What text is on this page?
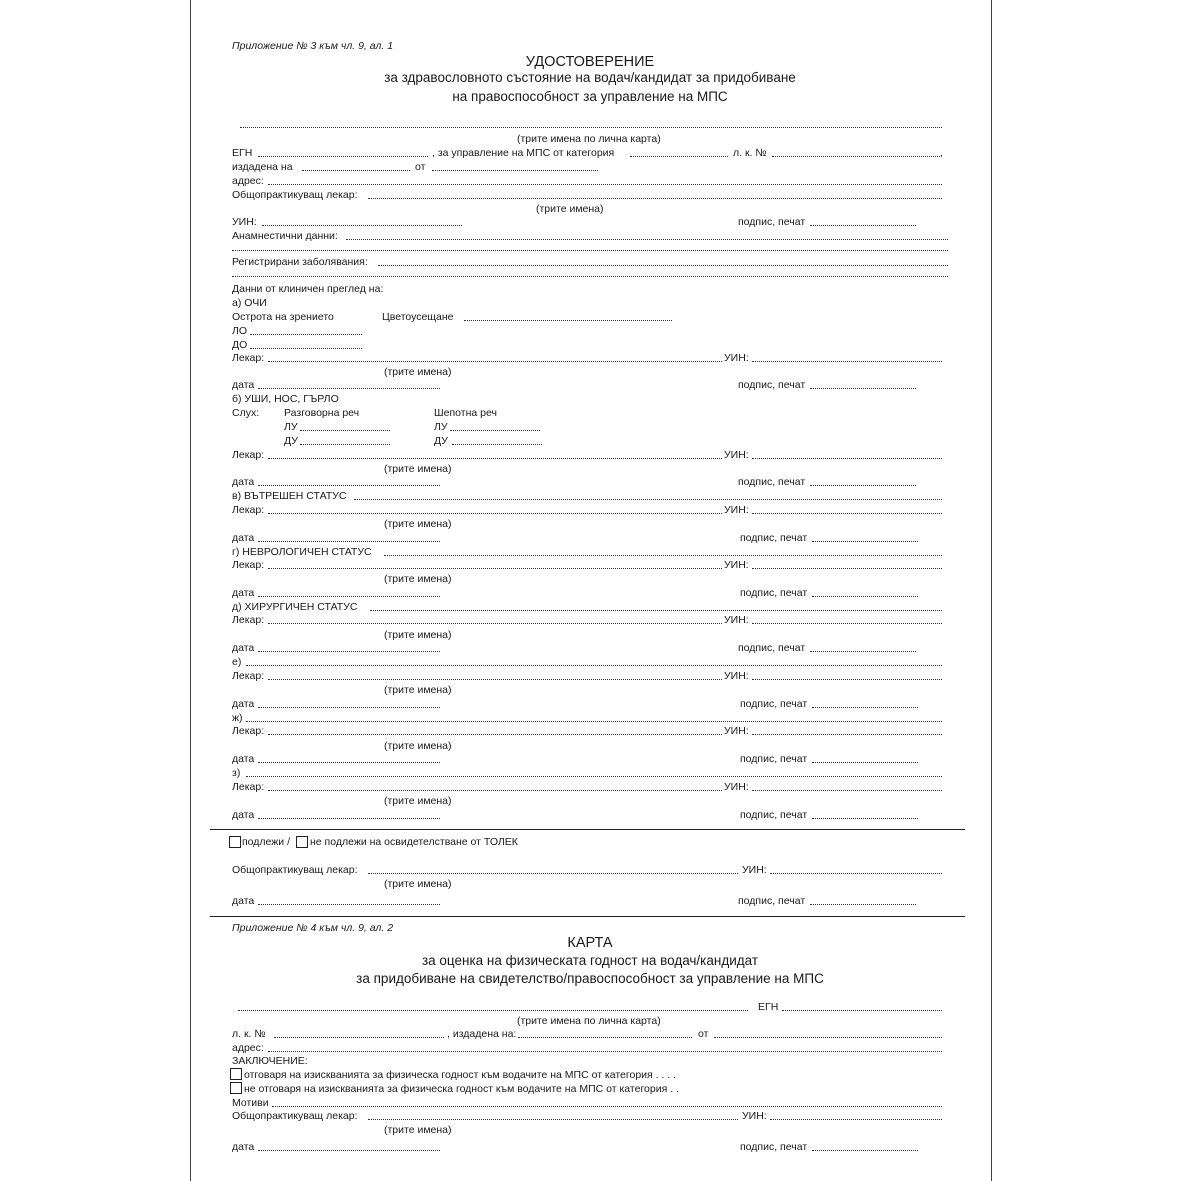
Приложение № 3 към чл. 9, ал. 1
УДОСТОВЕРЕНИЕ
за здравословното състояние на водач/кандидат за придобиване
на правоспособност за управление на МПС
(трите имена по лична карта)
ЕГН	, за управление на МПС от категория	л. к. №	,
издадена на	от
адрес:
Общопрактикуващ лекар:
(трите имена)
УИН:	подпис, печат
Анамнестични данни:
Регистрирани заболявания:
Данни от клиничен преглед на:
а) ОЧИ
Острота на зрението	Цветоусещане
ЛО
ДО
Лекар:	УИН:
(трите имена)
дата	подпис, печат
б) УШИ, НОС, ГЪРЛО
Слух: Разговорна реч	Шепотна реч
ЛУ	ЛУ
ДУ	ДУ
Лекар:	УИН:
(трите имена)
дата	подпис, печат
в) ВЪТРЕШЕН СТАТУС
Лекар:	УИН:
(трите имена)
дата	подпис, печат
г) НЕВРОЛОГИЧЕН СТАТУС
Лекар:	УИН:
(трите имена)
дата	подпис, печат
д) ХИРУРГИЧЕН СТАТУС
Лекар:	УИН:
(трите имена)
дата	подпис, печат
е)
Лекар:	УИН:
(трите имена)
дата	подпис, печат
ж)
Лекар:	УИН:
(трите имена)
дата	подпис, печат
з)
Лекар:	УИН:
(трите имена)
дата	подпис, печат
подлежи / не подлежи на освидетелстване от ТОЛЕК
Общопрактикуващ лекар:	УИН:
(трите имена)
дата	подпис, печат
Приложение № 4 към чл. 9, ал. 2
КАРТА
за оценка на физическата годност на водач/кандидат
за придобиване на свидетелство/правоспособност за управление на МПС
ЕГН
(трите имена по лична карта)
л. к. №	, издадена на:	от
адрес:
ЗАКЛЮЧЕНИЕ:
отговаря на изискванията за физическа годност към водачите на МПС от категория . . . .
не отговаря на изискванията за физическа годност към водачите на МПС от категория . .
Мотиви
Общопрактикуващ лекар:	УИН:
(трите имена)
дата	подпис, печат
